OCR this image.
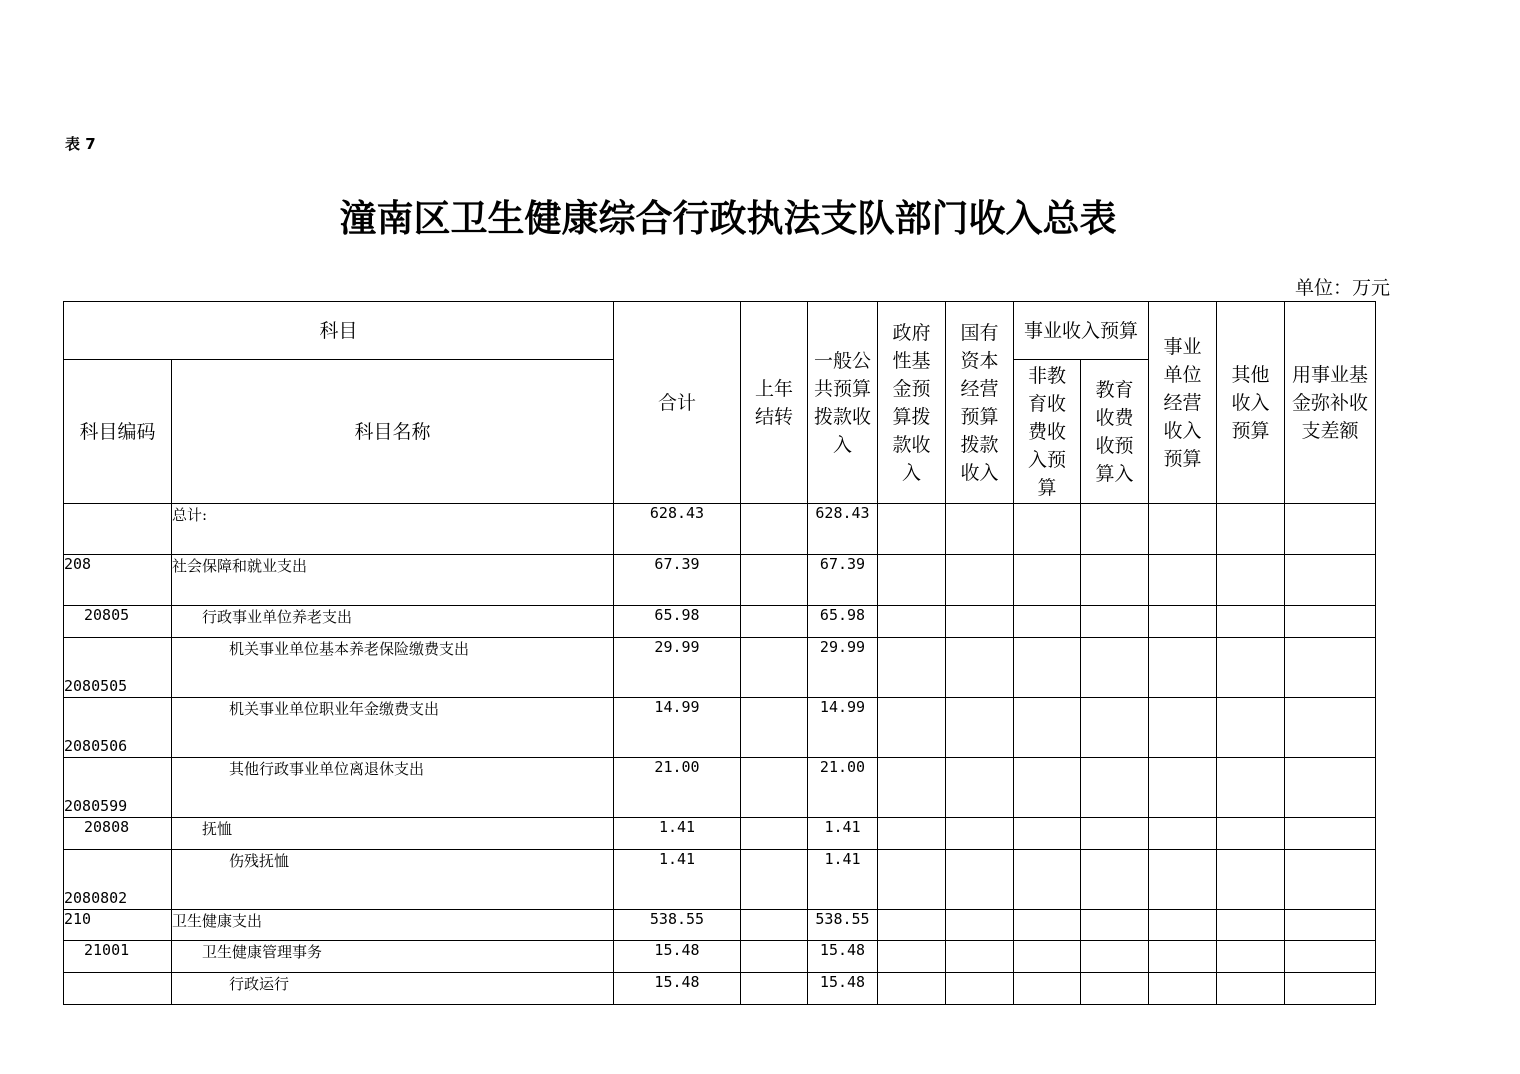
表 7
潼南区卫生健康综合行政执法支队部门收入总表
单位：万元
科目		合计	上年结转	一般公共预算拨款收入	政府性基金预算拨款收入	国有资本经营预算拨款收入	事业收入预算		事业单位经营收入预算	其他收入预算	用事业基金弥补收支差额
科目编码	科目名称						非教育收费收入预算	教育收费收预算入			
	总计:	628.43		628.43							
208	社会保障和就业支出	67.39		67.39							
20805	行政事业单位养老支出	65.98		65.98							
2080505	机关事业单位基本养老保险缴费支出	29.99		29.99							
2080506	机关事业单位职业年金缴费支出	14.99		14.99							
2080599	其他行政事业单位离退休支出	21.00		21.00							
20808	抚恤	1.41		1.41							
2080802	伤残抚恤	1.41		1.41							
210	卫生健康支出	538.55		538.55							
21001	卫生健康管理事务	15.48		15.48							
	行政运行	15.48		15.48							
